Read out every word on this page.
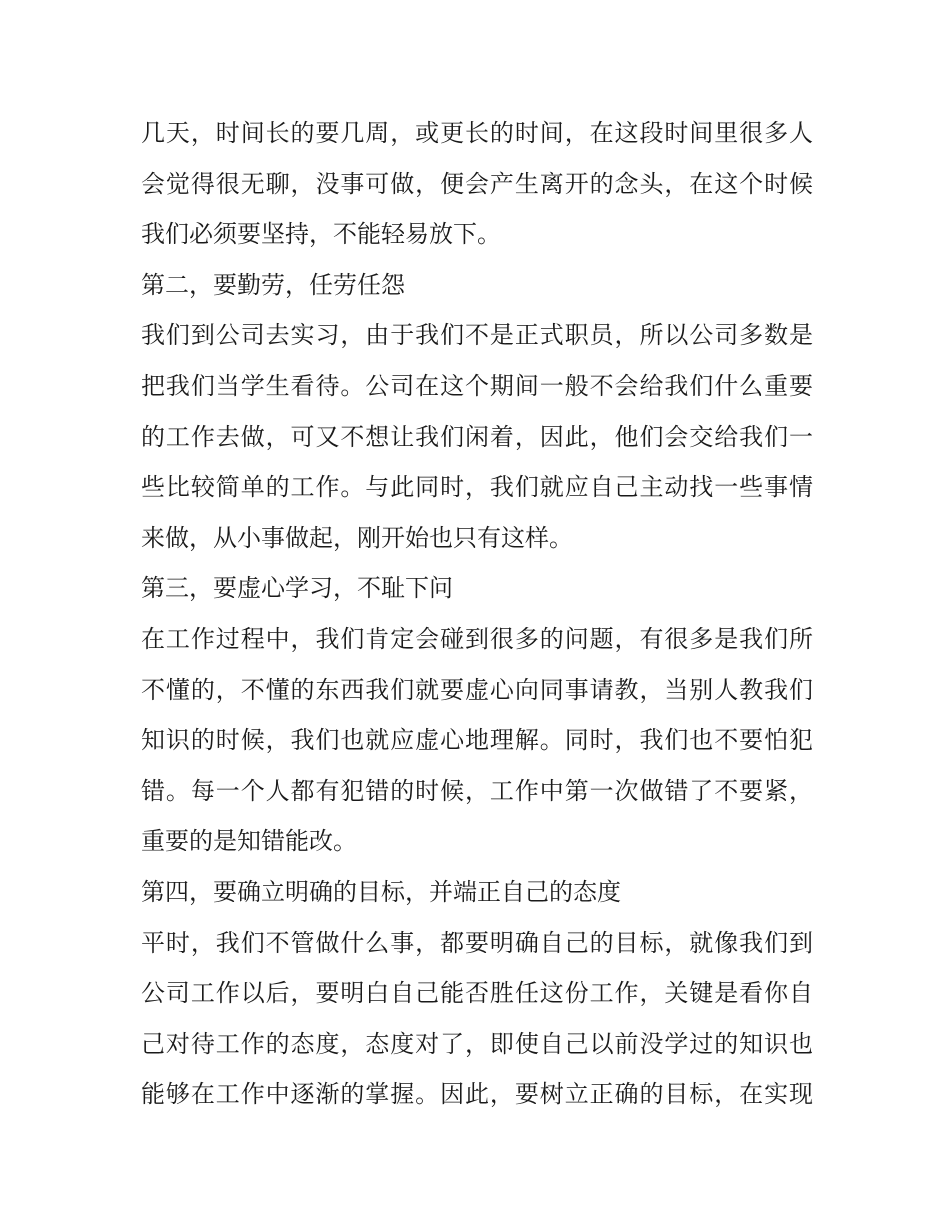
几天，时间长的要几周，或更长的时间，在这段时间里很多人
会觉得很无聊，没事可做，便会产生离开的念头，在这个时候
我们必须要坚持，不能轻易放下。
第二，要勤劳，任劳任怨
我们到公司去实习，由于我们不是正式职员，所以公司多数是
把我们当学生看待。公司在这个期间一般不会给我们什么重要
的工作去做，可又不想让我们闲着，因此，他们会交给我们一
些比较简单的工作。与此同时，我们就应自己主动找一些事情
来做，从小事做起，刚开始也只有这样。
第三，要虚心学习，不耻下问
在工作过程中，我们肯定会碰到很多的问题，有很多是我们所
不懂的，不懂的东西我们就要虚心向同事请教，当别人教我们
知识的时候，我们也就应虚心地理解。同时，我们也不要怕犯
错。每一个人都有犯错的时候，工作中第一次做错了不要紧，
重要的是知错能改。
第四，要确立明确的目标，并端正自己的态度
平时，我们不管做什么事，都要明确自己的目标，就像我们到
公司工作以后，要明白自己能否胜任这份工作，关键是看你自
己对待工作的态度，态度对了，即使自己以前没学过的知识也
能够在工作中逐渐的掌握。因此，要树立正确的目标，在实现
